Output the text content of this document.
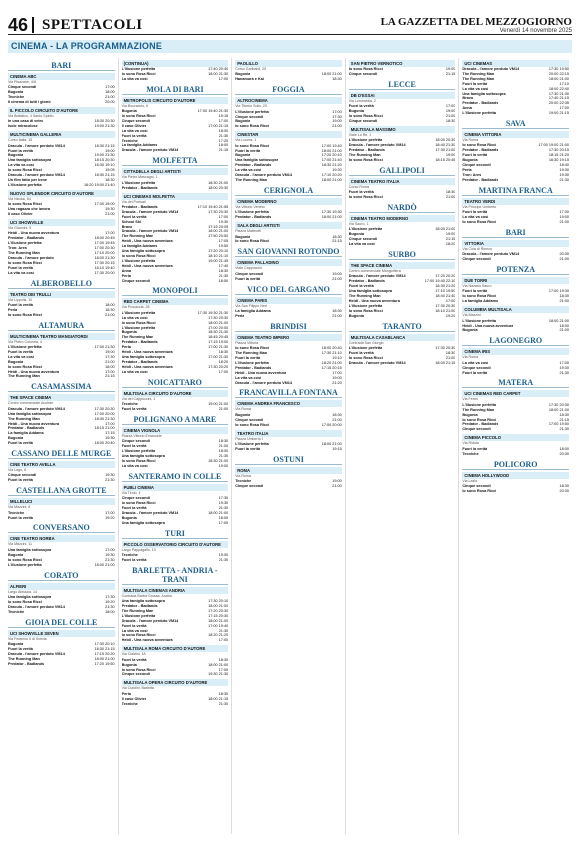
46 SPETTACOLI	LA GAZZETTA DEL MEZZOGIORNO
Venerdì 14 novembre 2025
CINEMA - LA PROGRAMMAZIONE
BARI
CINEMA ABC
Via Pisacane, 4/A
Cinque secondi	17:00
Bugonia	18:00
Tecniche	21:00
Il cinema di tutti i giorni	20:00
IL PICCOLO CIRCUITO D'AUTORE
Via Bottalico, 4 Santo Spirito
In una casa di vetro	18:30 20:30
Isole miracolose	19:00 21:30
MULTICINEMA GALLERIA
Corso Italia, 15
Dracula - l'amore perduto VM14	18:30 21:15
Fuori la verità	19:00
Bugonia	19:00 21:30
Una famiglia sottosopra	18:15 20:30
La vita va così	16:30 19:10
Io sono Rosa Ricci	19:05
Dracula - l'amore perduto VM14	18:30 21:15
Un film fatto per bene	18:30
L'illusione perfetta	16:20 19:00 21:40
NUOVO SPLENDOR CIRCUITO D'AUTORE
Via Nicolai, 64
Io sono Rosa Ricci	17:00 19:00
Una ragazza che lavora	19:30
Il caso Olivier	21:00
UCI SHOWVILLE
Via Giannini, 9
Heidi - Una nuova avventura	17:00
Predator - Badlands	18:00 20:45
L'illusione perfetta	17:00 19:45
Tron: Ares	17:00 20:30
The Running Man	17:10 20:00
Dracula - l'amore perduto	18:00 21:30
Io sono Rosa Ricci	17:30 20:15
Fuori la verità	16:10 19:40
La vita va così	17:30 20:00
ALBEROBELLO
TEATRO DEI TRULLI
Via Lippolis, 10
Fuori la verità	18:00
Perla	18:30
Io sono Rosa Ricci	21:00
ALTAMURA
MULTICINEMA TEATRO MANGIATORDI
Via Pietro Colonna, 4
L'illusione perfetta	17:00 21:30
Fuori la verità	19:00
La vita va così	17:30
Bugonia	21:00
Io sono Rosa Ricci	18:00
Heidi - Una nuova avventura	17:00
The Running Man	21:15
CASAMASSIMA
THE SPACE CINEMA
Centro commerciale Auchan
Dracula - l'amore perduto VM14	17:30 20:30
Una famiglia sottosopra	17:00 20:00
The Running Man	18:30 21:30
Heidi - Una nuova avventura	17:00
Predator - Badlands	18:15 21:00
La famiglia Addams	17:15
Bugonia	19:30
Fuori la verità	18:00 20:40
CASSANO DELLE MURGE
CINE TEATRO AVELLA
Via Lago, 6
Cinque secondi	19:30
Fuori la verità	21:30
CASTELLANA GROTTE
MILLELUCI
Via Mazzini, 8
Tecniche	17:00
Fuori la verità	19:20
CONVERSANO
CINE TEATRO NORBA
Via Mazzini, 11
Una famiglia sottosopra	17:00
Bugonia	19:30
Io sono Rosa Ricci	21:30
L'illusione perfetta	18:00 21:00
CORATO
ALFIERI
Largo Abbazia, 14
Una famiglia sottosopra	17:30
Io sono Rosa Ricci	19:20
Dracula - l'amore perduto VM14	21:30
Tecniche	18:00
GIOIA DEL COLLE
UCI SHOWVILLE SEVEN
Via Federico II di Svevia
Bugonia	17:30 20:10
Fuori la verità	18:30 21:15
Dracula - l'amore perduto VM14	17:15 20:20
The Running Man	18:00 21:00
Predator - Badlands	17:20 19:50
(CONTINUA)
L'illusione perfetta	17:40 20:40
Io sono Rosa Ricci	18:00 21:30
La vita va così	17:00
MOLA DI BARI
METROPOLIS CIRCUITO D'AUTORE
Via Boccaccio, 6
Bugonia	17:00 19:40 21:30
Io sono Rosa Ricci	19:15
Cinque secondi	17:00
Il caso Olivier	17:00 21:15
La vita va così	18:00
Fuori la verità	21:30
Tecniche	17:20
La famiglia Addams	18:00
Dracula - l'amore perduto VM14	21:15
MOLFETTA
CITTADELLA DEGLI ARTISTI
Via Pietro Mascagni, 1
L'illusione perfetta	18:30 21:00
Predator - Badlands	18:00 20:30
UCI CINEMAS MOLFETTA
Via dei Portuali
Predator - Badlands	17:10 19:40 21:55
Dracula - l'amore perduto VM14	17:30 20:30
Fuori la verità	17:00
School Ski	19:30
Bravo	17:15 20:05
Dracula - l'amore perduto VM14	18:00 21:00
The Running Man	17:50 20:50
Heidi - Una nuova avventura	17:05
La famiglia Addams	19:50
Una famiglia sottosopra	17:20 20:10
Io sono Rosa Ricci	18:10 21:10
L'illusione perfetta	19:00 21:45
Heidi - Una nuova avventura	17:40
Anna	18:30
Perla	21:30
Cinque secondi	18:50
MONOPOLI
RED CARPET CINEMA
Via Procaccia, 28
L'illusione perfetta	17:30 19:30 21:30
La vita va così	17:30 20:30
Io sono Rosa Ricci	18:00 21:00
L'illusione perfetta	17:00 20:00
Bugonia	18:30 21:30
The Running Man	18:45 20:45
Predator - Badlands	17:15 19:00
Perla	17:00 21:30
Heidi - Una nuova avventura	18:30
Una famiglia sottosopra	17:00 21:30
Predator - Badlands	18:20
Heidi - Una nuova avventura	17:30 20:20
La vita va così	17:00
NOICATTARO
MULTISALA CIRCUITO D'AUTORE
Via dei Cappuccini, 1
Tecniche	19:00 21:00
Fuori la verità	21:00
POLIGNANO A MARE
CINEMA VIGNOLA
Piazza Vittorio Emanuele
Cinque secondi	18:30
Fuori la verità	21:00
L'illusione perfetta	18:00
Una famiglia sottosopra	21:30
Io sono Rosa Ricci	18:30 21:00
La vita va così	19:00
SANTERAMO IN COLLE
PUBLI CINEMA
Via Tirolo, 4
Cinque secondi	17:30
Io sono Rosa Ricci	19:30
Fuori la verità	21:30
Dracula - l'amore perduto VM14	18:00 21:00
Bugonia	18:00
Una famiglia sottosopra	17:00
TURI
PICCOLO OSSERVATORIO CIRCUITO D'AUTORE
Largo Pappagallo, 13
Tecniche	19:00
Fuori la verità	21:30
BARLETTA - ANDRIA - TRANI
MULTISALA CINEMAS ANDRIA
Contrada Barba Grossa, Andria
Una famiglia sottosopra	17:30 20:10
Predator - Badlands	18:00 21:00
The Running Man	17:20 20:30
L'illusione perfetta	17:15 20:30
Dracula - l'amore perduto VM14	18:00 21:00
Fuori la verità	17:00 19:40
La vita va così	21:30
Io sono Rosa Ricci	18:20 21:20
Heidi - Una nuova avventura	17:00
MULTISALA ROMA CIRCUITO D'AUTORE
Via Cialdini, 18
Fuori la verità	18:30
Bugonia	18:00 21:00
Io sono Rosa Ricci	17:00
Cinque secondi	19:30 21:30
MULTISALA OPERA CIRCUITO D'AUTORE
Via Cialdini, Barletta
Perla	18:30
Il caso Olivier	18:00 21:15
Tecniche	21:30
PAOLILLO
Corso Garibaldi, 25
Bugonia	18:00 21:00
Hanamura e Kai	18:30
FOGGIA
ALTROCINEMA
Via Tiberio Solis, 20
L'illusione perfetta	17:00
Cinque secondi	17:30
Bugonia	19:00
Io sono Rosa Ricci	21:00
CINESTAR
Via Lucera, 1
Io sono Rosa Ricci	17:00 19:40
Fuori la verità	18:00 21:00
Bugonia	17:20 20:10
Una famiglia sottosopra	17:00 21:40
Predator - Badlands	18:30 21:20
La vita va così	19:30
Dracula - l'amore perduto VM14	17:10 20:20
The Running Man	18:00 21:00
CERIGNOLA
CINEMA MODERNO
Via Vittorio Veneto
L'illusione perfetta	17:30 19:30
Predator - Badlands	18:00 21:00
SALA DEGLI ARTISTI
Piazza Matteotti
Bugonia	18:30
Io sono Rosa Ricci	21:15
SAN GIOVANNI ROTONDO
CINEMA PALLADINO
Viale Cappuccini
Cinque secondi	19:00
Fuori la verità	21:00
VICO DEL GARGANO
CINEMA PARIS
Via San Filippo Neri
La famiglia Addams	18:30
Perla	21:00
BRINDISI
CINEMA TEATRO IMPERO
Piazza Vittoria
Io sono Rosa Ricci	18:00 20:40
The Running Man	17:30 21:10
Fuori la verità	19:10
L'illusione perfetta	18:20 21:00
Predator - Badlands	17:15 20:15
Heidi - Una nuova avventura	17:00
La vita va così	19:00
Dracula - l'amore perduto VM14	21:20
FRANCAVILLA FONTANA
CINEMA ANDREA FRANCESCO
Via Roma
Bugonia	18:30
Cinque secondi	21:00
Io sono Rosa Ricci	17:00 20:00
TEATRO ITALIA
Piazza Umberto I
L'illusione perfetta	18:00 21:00
Fuori la verità	19:15
OSTUNI
ROMA
Via Roma
Tecniche	19:00
Cinque secondi	21:00
SAN PIETRO VERNOTICO
Io sono Rosa Ricci	19:00
Cinque secondi	21:15
LECCE
DB D'ESSAI
Via Lombardia, 2
Fuori la verità	17:00
Bugonia	19:00
Io sono Rosa Ricci	21:00
Cinque secondi	18:30
MULTISALA MASSIMO
Viale Lo Re, 1
L'illusione perfetta	18:00 20:30
Dracula - l'amore perduto VM14	18:40 21:30
Predator - Badlands	17:30 21:00
The Running Man	19:00
Io sono Rosa Ricci	18:15 20:45
GALLIPOLI
CINEMA TEATRO ITALIA
Corso Roma
Fuori la verità	18:30
Io sono Rosa Ricci	21:00
NARDÒ
CINEMA TEATRO MODERNO
Via Sauro, 1
L'illusione perfetta	18:00 21:00
Bugonia	19:00
Cinque secondi	21:15
La vita va così	18:20
SURBO
THE SPACE CINEMA
Centro commerciale Mongolfiera
Dracula - l'amore perduto VM14	17:20 20:20
Predator - Badlands	17:00 19:40 22:10
Fuori la verità	18:30 21:20
Una famiglia sottosopra	17:10 19:50
The Running Man	18:40 21:40
Heidi - Una nuova avventura	17:00
L'illusione perfetta	17:30 20:30
Io sono Rosa Ricci	18:10 21:00
Bugonia	19:20
TARANTO
MULTISALA CASABLANCA
Contrada San Giorgio
L'illusione perfetta	17:30 20:30
Fuori la verità	18:30
Io sono Rosa Ricci	21:00
Dracula - l'amore perduto VM14	18:00 21:15
UCI CINEMAS
Dracula - l'amore perduto VM14	17:30 19:50
The Running Man	20:00 22:15
The Running Man	18:00 21:00
Fuori la verità	17:10
La vita va così	18:00 22:40
Una famiglia sottosopra	17:30 21:30
Bravo	17:40 21:15
Predator - Badlands	20:00 22:35
Anna	17:00
L'illusione perfetta	19:00 21:15
SAVA
CINEMA VITTORIA
Via Roma
Io sono Rosa Ricci	17:00 19:00 21:00
Predator - Badlands	17:30 20:15
Fuori la verità	18:15 21:20
Bugonia	16:30 19:15
Cinque secondi	18:40
Perla	19:30
Tron: Ares	19:30
Predator - Badlands	21:30
MARTINA FRANCA
TEATRO VERDI
Via Principe Umberto
Fuori la verità	17:30
La vita va così	19:00
Io sono Rosa Ricci	21:00
BARI
VITTORIA
Via Cola di Rienzo
Dracula - l'amore perduto VM14	20:30
Cinque secondi	21:00
POTENZA
DUE TORRI
Via Nazario Sauro
Fuori la verità	17:00 19:30
Io sono Rosa Ricci	18:30
La famiglia Addams	21:00
COLUMBIA MULTISALA
Via Mazzini
L'illusione perfetta	18:00 21:00
Heidi - Una nuova avventura	18:00
Bugonia	21:00
LAGONEGRO
CINEMA IRIS
Via Roma
La vita va così	17:00
Cinque secondi	19:30
Fuori la verità	21:30
MATERA
UCI CINEMAS RED CARPET
Via Fermi
L'illusione perfetta	17:30 20:30
The Running Man	18:00 21:00
Bugonia	18:30
Io sono Rosa Ricci	21:15
Predator - Badlands	17:00 19:50
Cinque secondi	21:30
CINEMA PICCOLO
Via Ridola
Fuori la verità	18:00
Tecniche	20:30
POLICORO
CINEMA HOLLYWOOD
Via Lazio
Cinque secondi	18:30
Io sono Rosa Ricci	20:30
